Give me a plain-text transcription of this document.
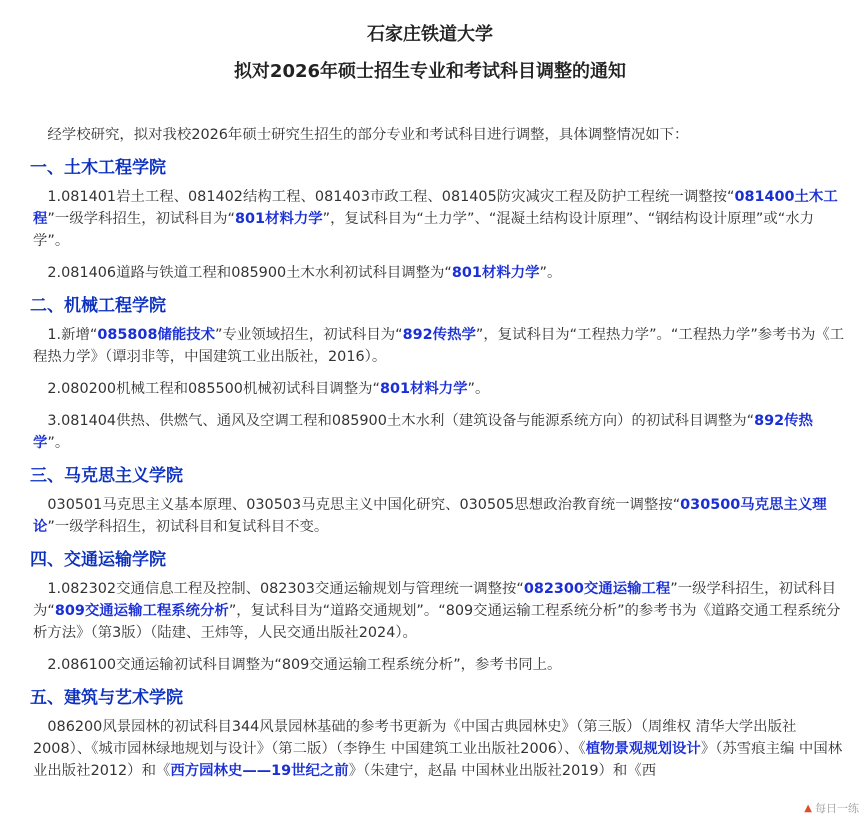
石家庄铁道大学
拟对2026年硕士招生专业和考试科目调整的通知

　经学校研究，拟对我校2026年硕士研究生招生的部分专业和考试科目进行调整，具体调整情况如下：

一、土木工程学院

　1.081401岩土工程、081402结构工程、081403市政工程、081405防灾减灾工程及防护工程统一调整按“081400土木工程”一级学科招生，初试科目为“801材料力学”，复试科目为“土力学”、“混凝土结构设计原理”、“钢结构设计原理”或“水力学”。

　2.081406道路与铁道工程和085900土木水利初试科目调整为“801材料力学”。

二、机械工程学院

　1.新增“085808储能技术”专业领域招生，初试科目为“892传热学”，复试科目为“工程热力学”。“工程热力学”参考书为《工程热力学》（谭羽非等，中国建筑工业出版社，2016）。

　2.080200机械工程和085500机械初试科目调整为“801材料力学”。

　3.081404供热、供燃气、通风及空调工程和085900土木水利（建筑设备与能源系统方向）的初试科目调整为“892传热学”。

三、马克思主义学院

　030501马克思主义基本原理、030503马克思主义中国化研究、030505思想政治教育统一调整按“030500马克思主义理论”一级学科招生，初试科目和复试科目不变。

四、交通运输学院

　1.082302交通信息工程及控制、082303交通运输规划与管理统一调整按“082300交通运输工程”一级学科招生，初试科目为“809交通运输工程系统分析”，复试科目为“道路交通规划”。“809交通运输工程系统分析”的参考书为《道路交通工程系统分析方法》（第3版）（陆建、王炜等，人民交通出版社2024）。

　2.086100交通运输初试科目调整为“809交通运输工程系统分析”，参考书同上。

五、建筑与艺术学院

　086200风景园林的初试科目344风景园林基础的参考书更新为《中国古典园林史》（第三版）（周维权 清华大学出版社2008）、《城市园林绿地规划与设计》（第二版）（李铮生 中国建筑工业出版社2006）、《植物景观规划设计》（苏雪痕主编 中国林业出版社2012）和《西方园林史——19世纪之前》（朱建宁，赵晶 中国林业出版社2019）和《西

▲ 每日一练
